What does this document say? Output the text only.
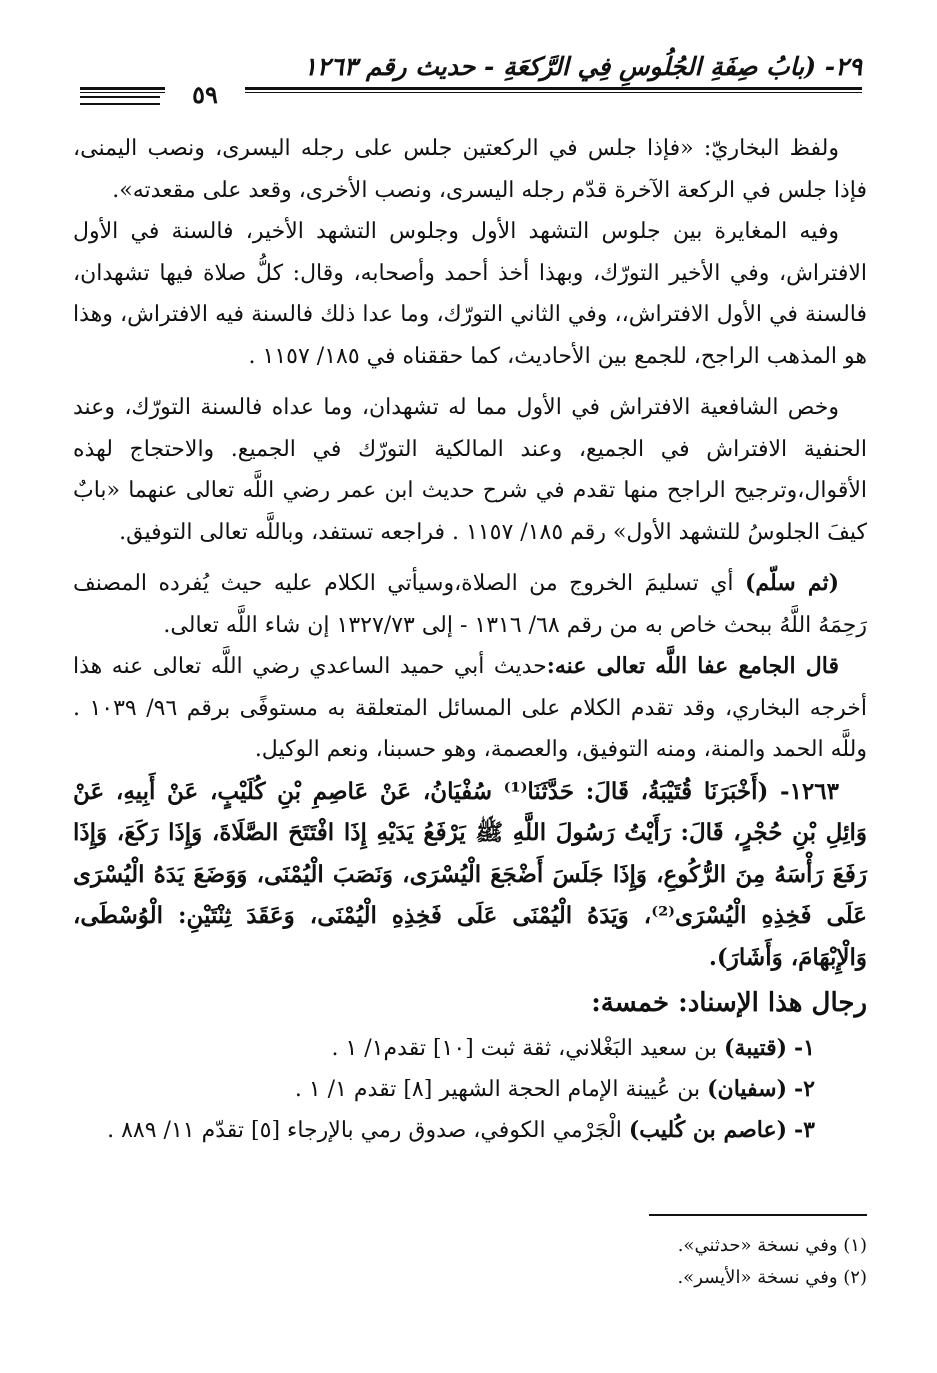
٢٩- (بابُ صِفَةِ الجُلُوسِ فِي الرَّكعَةِ - حديث رقم ١٢٦٣
٥٩

ولفظ البخاريّ: «فإذا جلس في الركعتين جلس على رجله اليسرى، ونصب اليمنى، فإذا جلس في الركعة الآخرة قدّم رجله اليسرى، ونصب الأخرى، وقعد على مقعدته».

وفيه المغايرة بين جلوس التشهد الأول وجلوس التشهد الأخير، فالسنة في الأول الافتراش، وفي الأخير التورّك، وبهذا أخذ أحمد وأصحابه، وقال: كلُّ صلاة فيها تشهدان، فالسنة في الأول الافتراش،، وفي الثاني التورّك، وما عدا ذلك فالسنة فيه الافتراش، وهذا هو المذهب الراجح، للجمع بين الأحاديث، كما حققناه في ١٨٥/ ١١٥٧ .

وخص الشافعية الافتراش في الأول مما له تشهدان، وما عداه فالسنة التورّك، وعند الحنفية الافتراش في الجميع، وعند المالكية التورّك في الجميع. والاحتجاج لهذه الأقوال،وترجيح الراجح منها تقدم في شرح حديث ابن عمر رضي اللَّه تعالى عنهما «بابٌ كيفَ الجلوسُ للتشهد الأول» رقم ١٨٥/ ١١٥٧ . فراجعه تستفد، وباللَّه تعالى التوفيق.

(ثم سلّم) أي تسليمَ الخروج من الصلاة،وسيأتي الكلام عليه حيث يُفرده المصنف رَحِمَهُ اللَّهُ ببحث خاص به من رقم ٦٨/ ١٣١٦ - إلى ١٣٢٧/٧٣ إن شاء اللَّه تعالى.

قال الجامع عفا اللَّه تعالى عنه:حديث أبي حميد الساعدي رضي اللَّه تعالى عنه هذا أخرجه البخاري، وقد تقدم الكلام على المسائل المتعلقة به مستوفًى برقم ٩٦/ ١٠٣٩ . وللَّه الحمد والمنة، ومنه التوفيق، والعصمة، وهو حسبنا، ونعم الوكيل.

١٢٦٣- (أَخْبَرَنَا قُتَيْبَةُ، قَالَ: حَدَّثَنَا⁽¹⁾ سُفْيَانُ، عَنْ عَاصِمِ بْنِ كُلَيْبٍ، عَنْ أَبِيهِ، عَنْ وَائِلِ بْنِ حُجْرٍ، قَالَ: رَأَيْتُ رَسُولَ اللَّهِ ﷺ يَرْفَعُ يَدَيْهِ إِذَا افْتَتَحَ الصَّلَاةَ، وَإِذَا رَكَعَ، وَإِذَا رَفَعَ رَأْسَهُ مِنَ الرُّكُوعِ، وَإِذَا جَلَسَ أَضْجَعَ الْيُسْرَى، وَنَصَبَ الْيُمْنَى، وَوَضَعَ يَدَهُ الْيُسْرَى عَلَى فَخِذِهِ الْيُسْرَى⁽²⁾، وَيَدَهُ الْيُمْنَى عَلَى فَخِذِهِ الْيُمْنَى، وَعَقَدَ ثِنْتَيْنِ: الْوُسْطَى، وَالْإِبْهَامَ، وَأَشَارَ).

رجال هذا الإسناد: خمسة:

١- (قتيبة) بن سعيد البَغْلاني، ثقة ثبت [١٠] تقدم١/ ١ .

٢- (سفيان) بن عُيينة الإمام الحجة الشهير [٨] تقدم ١/ ١ .

٣- (عاصم بن كُليب) الْجَرْمي الكوفي، صدوق رمي بالإرجاء [٥] تقدّم ١١/ ٨٨٩ .

(١) وفي نسخة «حدثني».

(٢) وفي نسخة «الأيسر».
